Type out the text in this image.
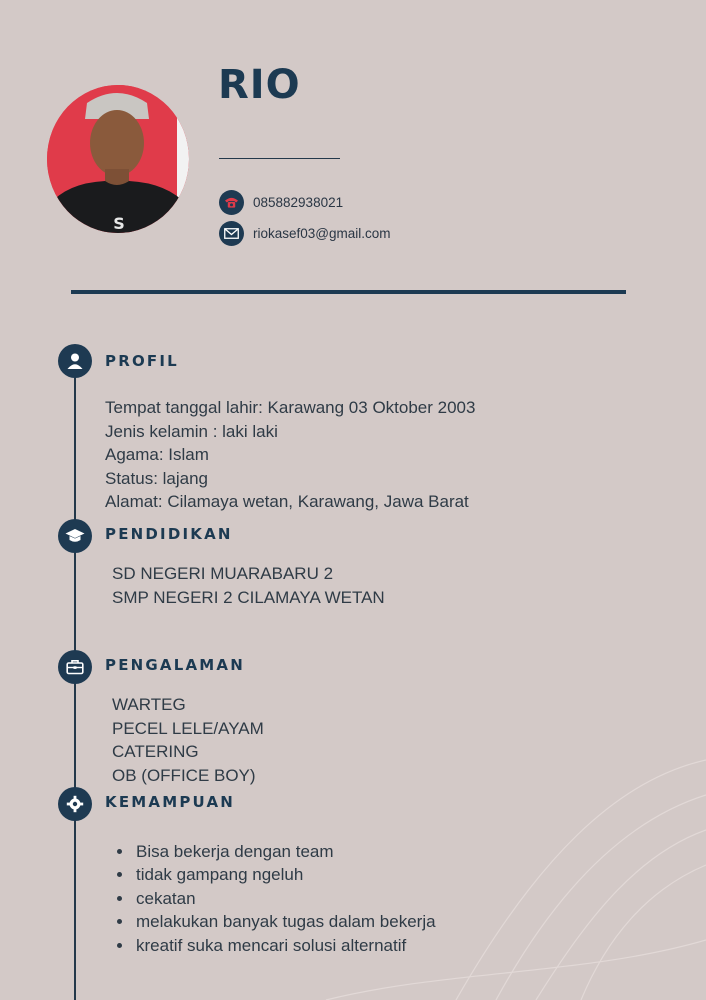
S
RIO
085882938021
riokasef03@gmail.com
PROFIL
Tempat tanggal lahir: Karawang 03 Oktober 2003
Jenis kelamin : laki laki
Agama: Islam
Status: lajang
Alamat: Cilamaya wetan, Karawang, Jawa Barat
PENDIDIKAN
SD NEGERI MUARABARU 2
SMP NEGERI 2 CILAMAYA WETAN
PENGALAMAN
WARTEG
PECEL LELE/AYAM
CATERING
OB (OFFICE BOY)
KEMAMPUAN
• Bisa bekerja dengan team
• tidak gampang ngeluh
• cekatan
• melakukan banyak tugas dalam bekerja
• kreatif suka mencari solusi alternatif
